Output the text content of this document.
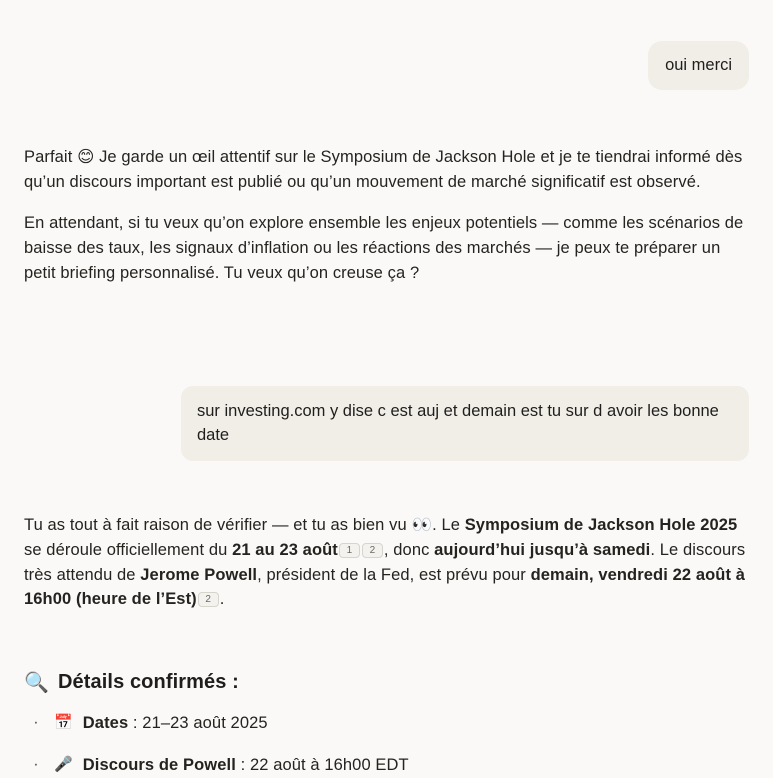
oui merci

Parfait 😊 Je garde un œil attentif sur le Symposium de Jackson Hole et je te tiendrai informé dès qu’un discours important est publié ou qu’un mouvement de marché significatif est observé.

En attendant, si tu veux qu’on explore ensemble les enjeux potentiels — comme les scénarios de baisse des taux, les signaux d’inflation ou les réactions des marchés — je peux te préparer un petit briefing personnalisé. Tu veux qu’on creuse ça ?

sur investing.com y dise c est auj et demain est tu sur d avoir les bonne date

Tu as tout à fait raison de vérifier — et tu as bien vu 👀. Le Symposium de Jackson Hole 2025 se déroule officiellement du 21 au 23 août 1 2 , donc aujourd’hui jusqu’à samedi. Le discours très attendu de Jerome Powell, président de la Fed, est prévu pour demain, vendredi 22 août à 16h00 (heure de l’Est) 2 .

🔍 Détails confirmés :
·	📅 Dates : 21–23 août 2025
·	🎤 Discours de Powell : 22 août à 16h00 EDT
